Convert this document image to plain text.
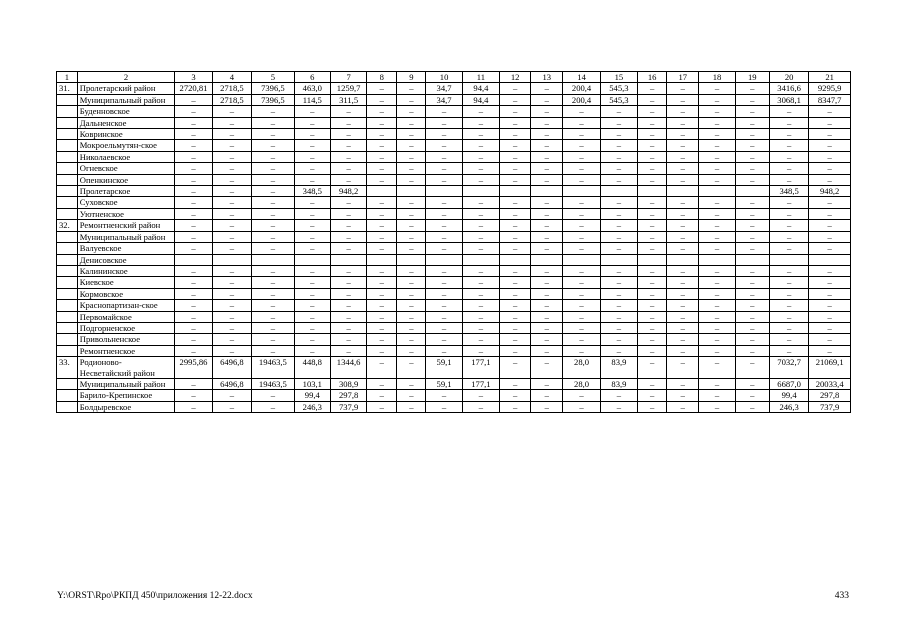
1	2	3	4	5	6	7	8	9	10	11	12	13	14	15	16	17	18	19	20	21
31.	Пролетарский район	2720,81	2718,5	7396,5	463,0	1259,7	–	–	34,7	94,4	–	–	200,4	545,3	–	–	–	–	3416,6	9295,9
	Муниципальный район	–	2718,5	7396,5	114,5	311,5	–	–	34,7	94,4	–	–	200,4	545,3	–	–	–	–	3068,1	8347,7
	Буденновское	–	–	–	–	–	–	–	–	–	–	–	–	–	–	–	–	–	–	–
	Дальненское	–	–	–	–	–	–	–	–	–	–	–	–	–	–	–	–	–	–	–
	Ковринское	–	–	–	–	–	–	–	–	–	–	–	–	–	–	–	–	–	–	–
	Мокроельмутян-ское	–	–	–	–	–	–	–	–	–	–	–	–	–	–	–	–	–	–	–
	Николаевское	–	–	–	–	–	–	–	–	–	–	–	–	–	–	–	–	–	–	–
	Огневское	–	–	–	–	–	–	–	–	–	–	–	–	–	–	–	–	–	–	–
	Опенкинское	–	–	–	–	–	–	–	–	–	–	–	–	–	–	–	–	–	–	–
	Пролетарское	–	–	–	348,5	948,2													348,5	948,2
	Суховское	–	–	–	–	–	–	–	–	–	–	–	–	–	–	–	–	–	–	–
	Уютненское	–	–	–	–	–	–	–	–	–	–	–	–	–	–	–	–	–	–	–
32.	Ремонтненский район	–	–	–	–	–	–	–	–	–	–	–	–	–	–	–	–	–	–	–
	Муниципальный район	–	–	–	–	–	–	–	–	–	–	–	–	–	–	–	–	–	–	–
	Валуевское	–	–	–	–	–	–	–	–	–	–	–	–	–	–	–	–	–	–	–
	Денисовское																			
	Калининское	–	–	–	–	–	–	–	–	–	–	–	–	–	–	–	–	–	–	–
	Киевское	–	–	–	–	–	–	–	–	–	–	–	–	–	–	–	–	–	–	–
	Кормовское	–	–	–	–	–	–	–	–	–	–	–	–	–	–	–	–	–	–	–
	Краснопартизан-ское	–	–	–	–	–	–	–	–	–	–	–	–	–	–	–	–	–	–	–
	Первомайское	–	–	–	–	–	–	–	–	–	–	–	–	–	–	–	–	–	–	–
	Подгорненское	–	–	–	–	–	–	–	–	–	–	–	–	–	–	–	–	–	–	–
	Привольненское	–	–	–	–	–	–	–	–	–	–	–	–	–	–	–	–	–	–	–
	Ремонтненское	–	–	–	–	–	–	–	–	–	–	–	–	–	–	–	–	–	–	–
33.	Родионово-Несветайский район	2995,86	6496,8	19463,5	448,8	1344,6	–	–	59,1	177,1	–	–	28,0	83,9	–	–	–	–	7032,7	21069,1
	Муниципальный район	–	6496,8	19463,5	103,1	308,9	–	–	59,1	177,1	–	–	28,0	83,9	–	–	–	–	6687,0	20033,4
	Барило-Крепинское	–	–	–	99,4	297,8	–	–	–	–	–	–	–	–	–	–	–	–	99,4	297,8
	Болдыревское	–	–	–	246,3	737,9	–	–	–	–	–	–	–	–	–	–	–	–	246,3	737,9
Y:\ORST\Rpo\РКПД 450\приложения 12-22.docx	433
